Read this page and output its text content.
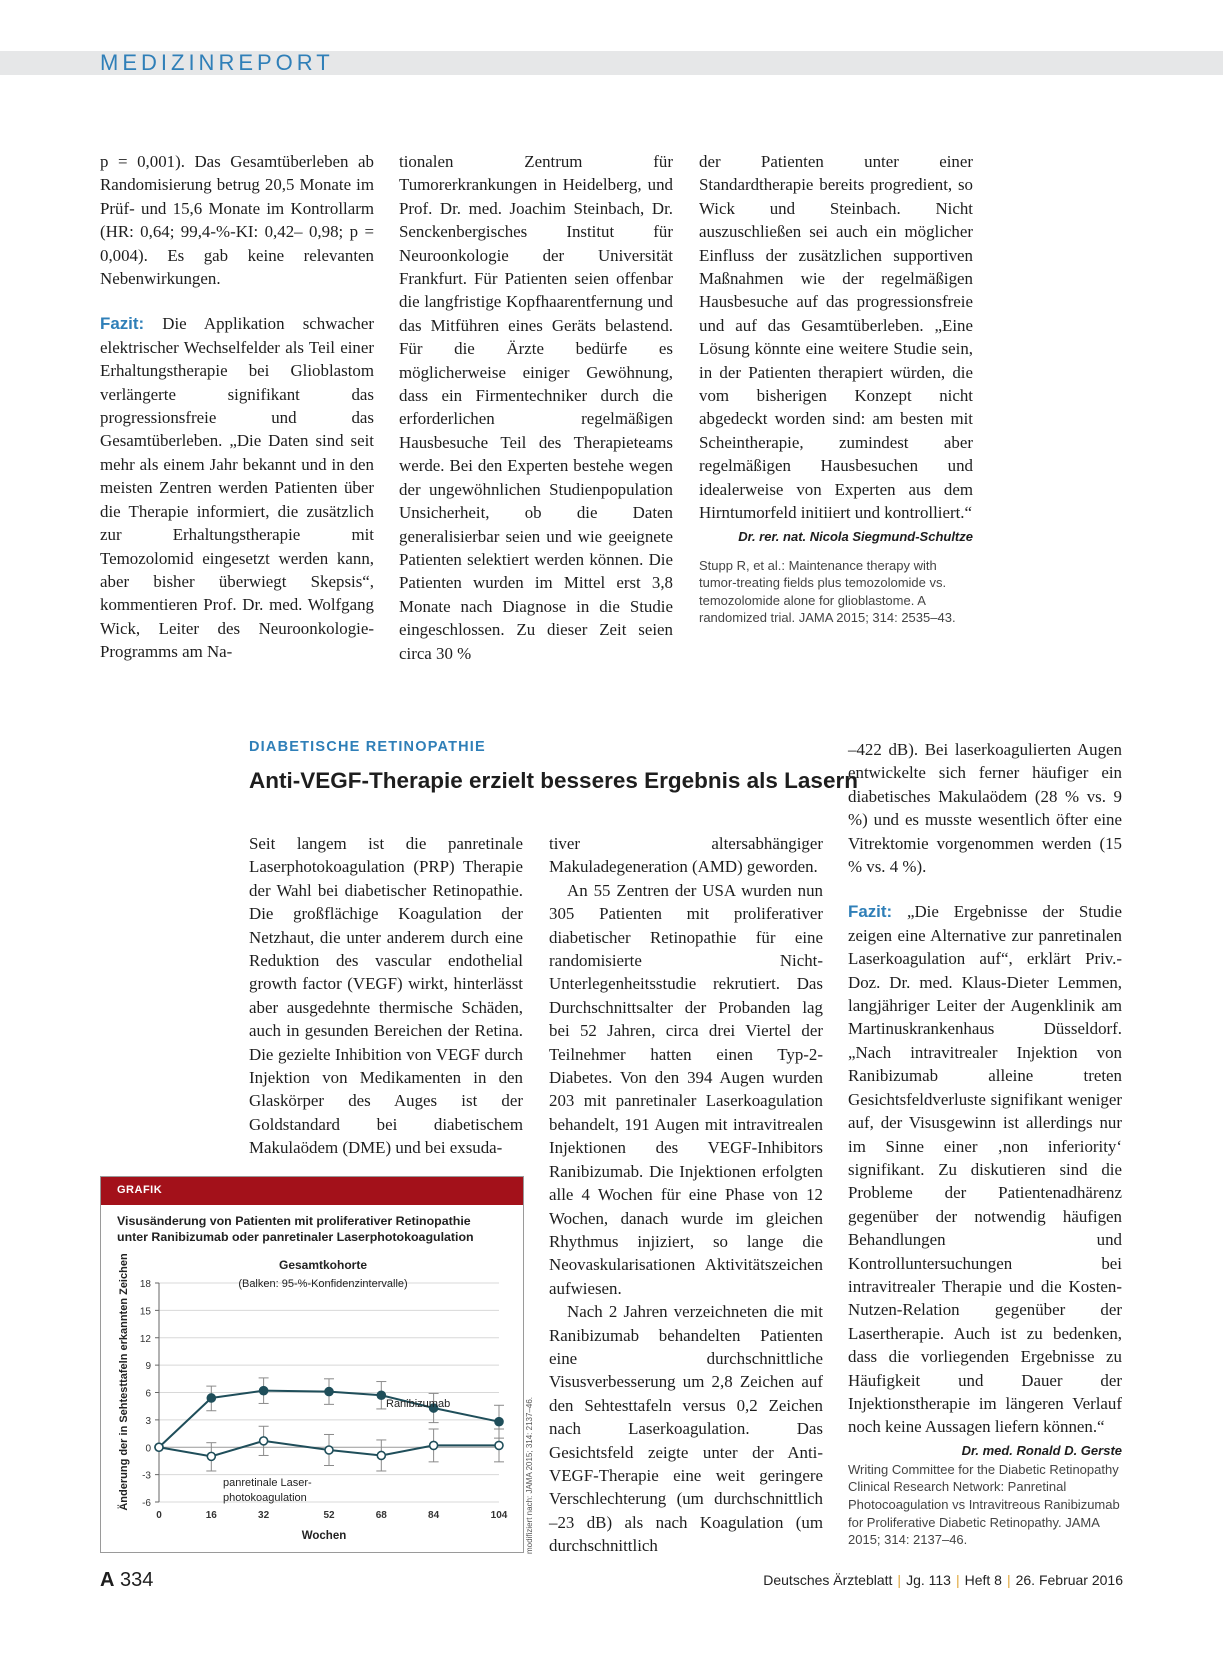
MEDIZINREPORT

p = 0,001). Das Gesamtüberleben ab Randomisierung betrug 20,5 Monate im Prüf- und 15,6 Monate im Kontrollarm (HR: 0,64; 99,4-%-KI: 0,42– 0,98; p = 0,004). Es gab keine relevanten Nebenwirkungen.

Fazit: Die Applikation schwacher elektrischer Wechselfelder als Teil einer Erhaltungstherapie bei Glioblastom verlängerte signifikant das progressionsfreie und das Gesamtüberleben. „Die Daten sind seit mehr als einem Jahr bekannt und in den meisten Zentren werden Patienten über die Therapie informiert, die zusätzlich zur Erhaltungstherapie mit Temozolomid eingesetzt werden kann, aber bisher überwiegt Skepsis“, kommentieren Prof. Dr. med. Wolfgang Wick, Leiter des Neuroonkologie-Programms am Na-

tionalen Zentrum für Tumorerkrankungen in Heidelberg, und Prof. Dr. med. Joachim Steinbach, Dr. Senckenbergisches Institut für Neuroonkologie der Universität Frankfurt. Für Patienten seien offenbar die langfristige Kopfhaarentfernung und das Mitführen eines Geräts belastend. Für die Ärzte bedürfe es möglicherweise einiger Gewöhnung, dass ein Firmentechniker durch die erforderlichen regelmäßigen Hausbesuche Teil des Therapieteams werde. Bei den Experten bestehe wegen der ungewöhnlichen Studienpopulation Unsicherheit, ob die Daten generalisierbar seien und wie geeignete Patienten selektiert werden können. Die Patienten wurden im Mittel erst 3,8 Monate nach Diagnose in die Studie eingeschlossen. Zu dieser Zeit seien circa 30 %

der Patienten unter einer Standardtherapie bereits progredient, so Wick und Steinbach. Nicht auszuschließen sei auch ein möglicher Einfluss der zusätzlichen supportiven Maßnahmen wie der regelmäßigen Hausbesuche auf das progressionsfreie und auf das Gesamtüberleben. „Eine Lösung könnte eine weitere Studie sein, in der Patienten therapiert würden, die vom bisherigen Konzept nicht abgedeckt worden sind: am besten mit Scheintherapie, zumindest aber regelmäßigen Hausbesuchen und idealerweise von Experten aus dem Hirntumorfeld initiiert und kontrolliert.“

Dr. rer. nat. Nicola Siegmund-Schultze
Stupp R, et al.: Maintenance therapy with tumor-treating fields plus temozolomide vs. temozolomide alone for glioblastome. A randomized trial. JAMA 2015; 314: 2535–43.
DIABETISCHE RETINOPATHIE
Anti-VEGF-Therapie erzielt besseres Ergebnis als Lasern

Seit langem ist die panretinale Laserphotokoagulation (PRP) Therapie der Wahl bei diabetischer Retinopathie. Die großflächige Koagulation der Netzhaut, die unter anderem durch eine Reduktion des vascular endothelial growth factor (VEGF) wirkt, hinterlässt aber ausgedehnte thermische Schäden, auch in gesunden Bereichen der Retina. Die gezielte Inhibition von VEGF durch Injektion von Medikamenten in den Glaskörper des Auges ist der Goldstandard bei diabetischem Makulaödem (DME) und bei exsuda-

tiver altersabhängiger Makuladegeneration (AMD) geworden.

An 55 Zentren der USA wurden nun 305 Patienten mit proliferativer diabetischer Retinopathie für eine randomisierte Nicht-Unterlegenheitsstudie rekrutiert. Das Durchschnittsalter der Probanden lag bei 52 Jahren, circa drei Viertel der Teilnehmer hatten einen Typ-2-Diabetes. Von den 394 Augen wurden 203 mit panretinaler Laserkoagulation behandelt, 191 Augen mit intravitrealen Injektionen des VEGF-Inhibitors Ranibizumab. Die Injektionen erfolgten alle 4 Wochen für eine Phase von 12 Wochen, danach wurde im gleichen Rhythmus injiziert, so lange die Neovaskularisationen Aktivitätszeichen aufwiesen.

Nach 2 Jahren verzeichneten die mit Ranibizumab behandelten Patienten eine durchschnittliche Visusverbesserung um 2,8 Zeichen auf den Sehtesttafeln versus 0,2 Zeichen nach Laserkoagulation. Das Gesichtsfeld zeigte unter der Anti-VEGF-Therapie eine weit geringere Verschlechterung (um durchschnittlich –23 dB) als nach Koagulation (um durchschnittlich

–422 dB). Bei laserkoagulierten Augen entwickelte sich ferner häufiger ein diabetisches Makulaödem (28 % vs. 9 %) und es musste wesentlich öfter eine Vitrektomie vorgenommen werden (15 % vs. 4 %).

Fazit: „Die Ergebnisse der Studie zeigen eine Alternative zur panretinalen Laserkoagulation auf“, erklärt Priv.-Doz. Dr. med. Klaus-Dieter Lemmen, langjähriger Leiter der Augenklinik am Martinuskrankenhaus Düsseldorf. „Nach intravitrealer Injektion von Ranibizumab alleine treten Gesichtsfeldverluste signifikant weniger auf, der Visusgewinn ist allerdings nur im Sinne einer ‚non inferiority‘ signifikant. Zu diskutieren sind die Probleme der Patientenadhärenz gegenüber der notwendig häufigen Behandlungen und Kontrolluntersuchungen bei intravitrealer Therapie und die Kosten-Nutzen-Relation gegenüber der Lasertherapie. Auch ist zu bedenken, dass die vorliegenden Ergebnisse zu Häufigkeit und Dauer der Injektionstherapie im längeren Verlauf noch keine Aussagen liefern können.“

Dr. med. Ronald D. Gerste
Writing Committee for the Diabetic Retinopathy Clinical Research Network: Panretinal Photocoagulation vs Intravitreous Ranibizumab for Proliferative Diabetic Retinopathy. JAMA 2015; 314: 2137–46.
GRAFIK
Visusänderung von Patienten mit proliferativer Retinopathie
unter Ranibizumab oder panretinaler Laserphotokoagulation
18
15
12
9
6
3
0
-3
-6
0	16	32	52	68	84	104
Gesamtkohorte
(Balken: 95-%-Konfidenzintervalle)
Wochen
Änderung der in Sehtesttafeln erkannten Zeichen	Ranibizumab
panretinale Laser-
photokoagulation	modifiziert nach: JAMA 2015; 314: 2137–46.
A 334	Deutsches Ärzteblatt | Jg. 113 | Heft 8 | 26. Februar 2016
